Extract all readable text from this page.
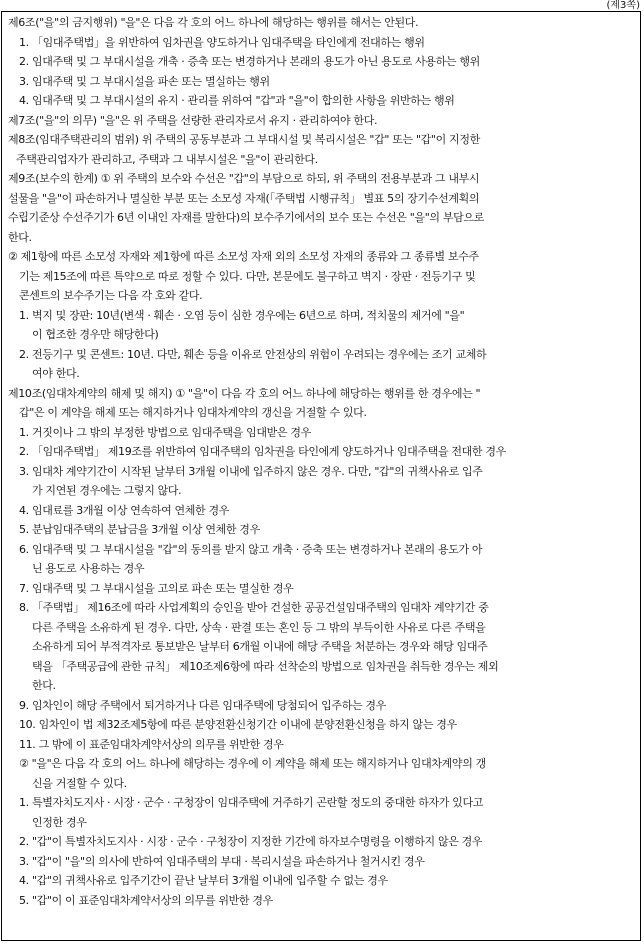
(제3쪽)
제6조("을"의 금지행위) "을"은 다음 각 호의 어느 하나에 해당하는 행위를 해서는 안된다.
1. 「임대주택법」을 위반하여 임차권을 양도하거나 임대주택을 타인에게 전대하는 행위
2. 임대주택 및 그 부대시설을 개축 · 증축 또는 변경하거나 본래의 용도가 아닌 용도로 사용하는 행위
3. 임대주택 및 그 부대시설을 파손 또는 멸실하는 행위
4. 임대주택 및 그 부대시설의 유지 · 관리를 위하여 "갑"과 "을"이 합의한 사항을 위반하는 행위
제7조("을"의 의무) "을"은 위 주택을 선량한 관리자로서 유지 · 관리하여야 한다.
제8조(임대주택관리의 범위) 위 주택의 공동부분과 그 부대시설 및 복리시설은 "갑" 또는 "갑"이 지정한
주택관리업자가 관리하고, 주택과 그 내부시설은 "을"이 관리한다.
제9조(보수의 한계) ① 위 주택의 보수와 수선은 "갑"의 부담으로 하되, 위 주택의 전용부분과 그 내부시
설물을 "을"이 파손하거나 멸실한 부분 또는 소모성 자재(「주택법 시행규칙」 별표 5의 장기수선계획의
수립기준상 수선주기가 6년 이내인 자재를 말한다)의 보수주기에서의 보수 또는 수선은 "을"의 부담으로
한다.
② 제1항에 따른 소모성 자재와 제1항에 따른 소모성 자재 외의 소모성 자재의 종류와 그 종류별 보수주
기는 제15조에 따른 특약으로 따로 정할 수 있다. 다만, 본문에도 불구하고 벽지 · 장판 · 전등기구 및
콘센트의 보수주기는 다음 각 호와 같다.
1. 벽지 및 장판: 10년(변색 · 훼손 · 오염 등이 심한 경우에는 6년으로 하며, 적치물의 제거에 "을"
이 협조한 경우만 해당한다)
2. 전등기구 및 콘센트: 10년. 다만, 훼손 등을 이유로 안전상의 위험이 우려되는 경우에는 조기 교체하
여야 한다.
제10조(임대차계약의 해제 및 해지) ① "을"이 다음 각 호의 어느 하나에 해당하는 행위를 한 경우에는 "
갑"은 이 계약을 해제 또는 해지하거나 임대차계약의 갱신을 거절할 수 있다.
1. 거짓이나 그 밖의 부정한 방법으로 임대주택을 임대받은 경우
2. 「임대주택법」 제19조를 위반하여 임대주택의 임차권을 타인에게 양도하거나 임대주택을 전대한 경우
3. 임대차 계약기간이 시작된 날부터 3개월 이내에 입주하지 않은 경우. 다만, "갑"의 귀책사유로 입주
가 지연된 경우에는 그렇지 않다.
4. 임대료를 3개월 이상 연속하여 연체한 경우
5. 분납임대주택의 분납금을 3개월 이상 연체한 경우
6. 임대주택 및 그 부대시설을 "갑"의 동의를 받지 않고 개축 · 증축 또는 변경하거나 본래의 용도가 아
닌 용도로 사용하는 경우
7. 임대주택 및 그 부대시설을 고의로 파손 또는 멸실한 경우
8. 「주택법」 제16조에 따라 사업계획의 승인을 받아 건설한 공공건설임대주택의 임대차 계약기간 중
다른 주택을 소유하게 된 경우. 다만, 상속 · 판결 또는 혼인 등 그 밖의 부득이한 사유로 다른 주택을
소유하게 되어 부적격자로 통보받은 날부터 6개월 이내에 해당 주택을 처분하는 경우와 해당 임대주
택을 「주택공급에 관한 규칙」 제10조제6항에 따라 선착순의 방법으로 임차권을 취득한 경우는 제외
한다.
9. 임차인이 해당 주택에서 퇴거하거나 다른 임대주택에 당첨되어 입주하는 경우
10. 임차인이 법 제32조제5항에 따른 분양전환신청기간 이내에 분양전환신청을 하지 않는 경우
11. 그 밖에 이 표준임대차계약서상의 의무를 위반한 경우
② "을"은 다음 각 호의 어느 하나에 해당하는 경우에 이 계약을 해제 또는 해지하거나 임대차계약의 갱
신을 거절할 수 있다.
1. 특별자치도지사 · 시장 · 군수 · 구청장이 임대주택에 거주하기 곤란할 정도의 중대한 하자가 있다고
인정한 경우
2. "갑"이 특별자치도지사 · 시장 · 군수 · 구청장이 지정한 기간에 하자보수명령을 이행하지 않은 경우
3. "갑"이 "을"의 의사에 반하여 임대주택의 부대 · 복리시설을 파손하거나 철거시킨 경우
4. "갑"의 귀책사유로 입주기간이 끝난 날부터 3개월 이내에 입주할 수 없는 경우
5. "갑"이 이 표준임대차계약서상의 의무를 위반한 경우
